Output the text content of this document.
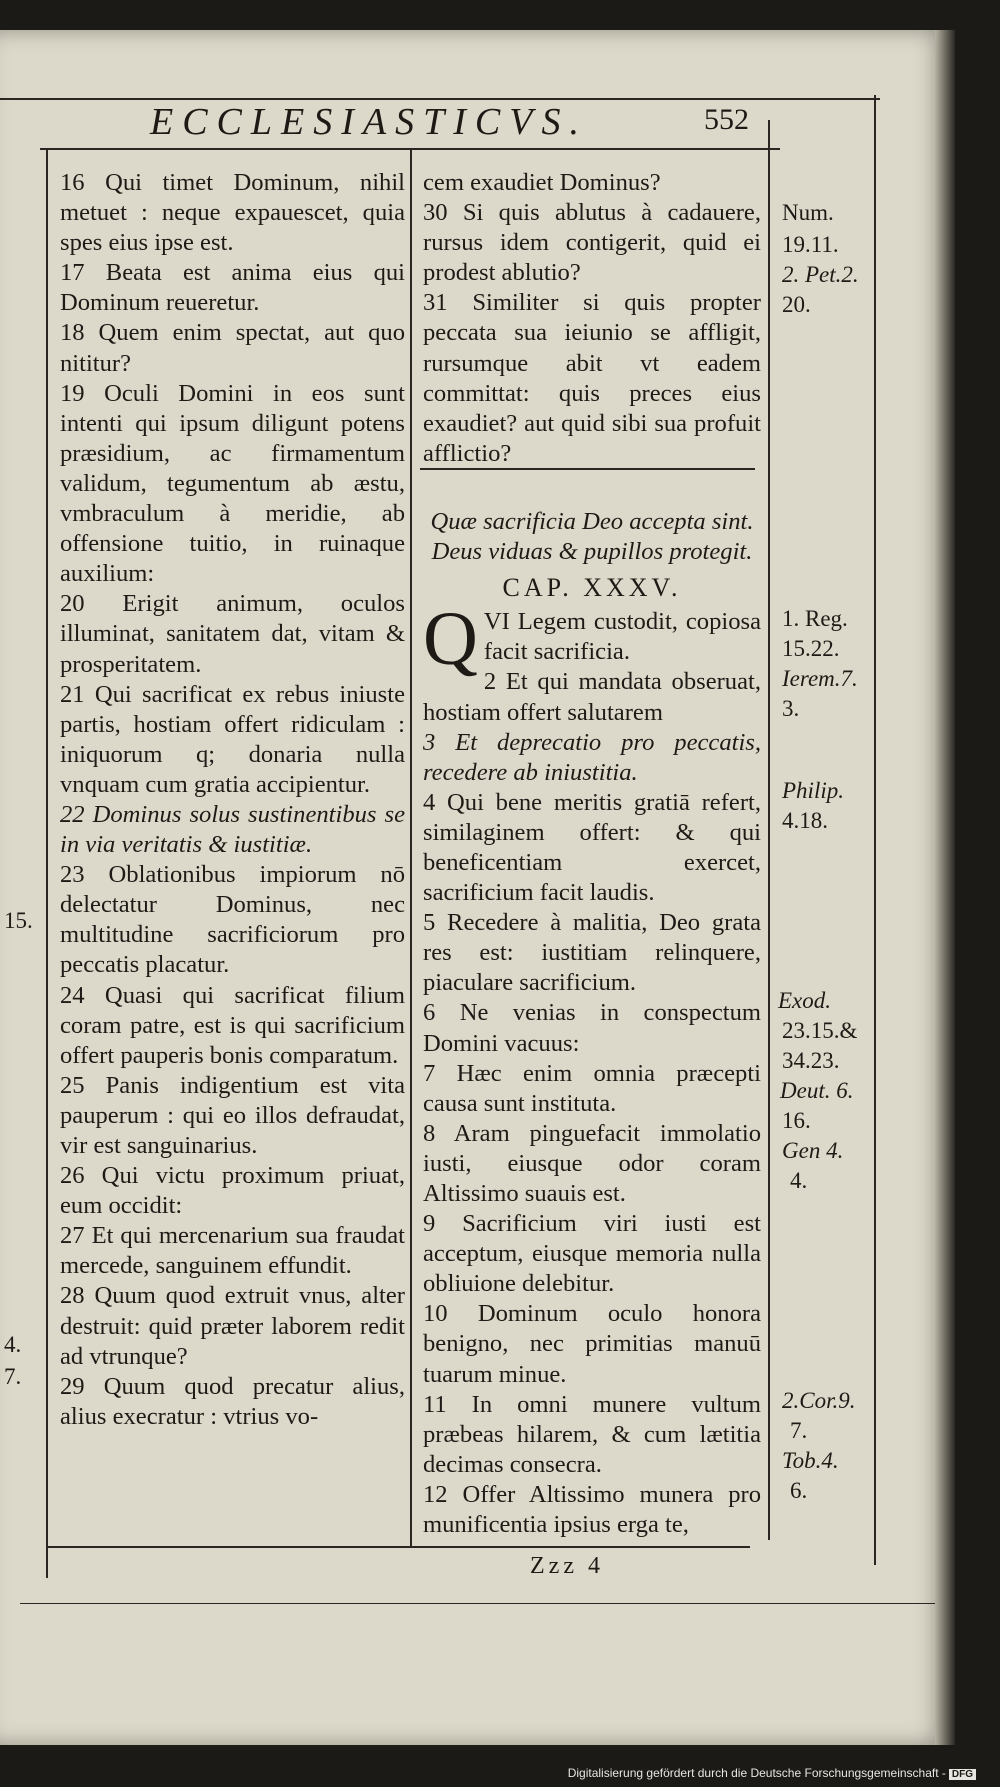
ECCLESIASTICVS.	552

16 Qui timet Dominum, nihil metuet : neque expauescet, quia spes eius ipse est.

17 Beata est anima eius qui Dominum reueretur.

18 Quem enim spectat, aut quo nititur?

19 Oculi Domini in eos sunt intenti qui ipsum diligunt potens præsidium, ac firmamentum validum, tegumentum ab æstu, vmbraculum à meridie, ab offensione tuitio, in ruinaque auxilium:

20 Erigit animum, oculos illuminat, sanitatem dat, vitam & prosperitatem.

21 Qui sacrificat ex rebus iniuste partis, hostiam offert ridiculam : iniquorum q; donaria nulla vnquam cum gratia accipientur.

22 Dominus solus sustinentibus se in via veritatis & iustitiæ.

23 Oblationibus impiorum nō delectatur Dominus, nec multitudine sacrificiorum pro peccatis placatur.

24 Quasi qui sacrificat filium coram patre, est is qui sacrificium offert pauperis bonis comparatum.

25 Panis indigentium est vita pauperum : qui eo illos defraudat, vir est sanguinarius.

26 Qui victu proximum priuat, eum occidit:

27 Et qui mercenarium sua fraudat mercede, sanguinem effundit.

28 Quum quod extruit vnus, alter destruit: quid præter laborem redit ad vtrunque?

29 Quum quod precatur alius, alius execratur : vtrius vo-

cem exaudiet Dominus?

30 Si quis ablutus à cadauere, rursus idem contigerit, quid ei prodest ablutio?

31 Similiter si quis propter peccata sua ieiunio se affligit, rursumque abit vt eadem committat: quis preces eius exaudiet? aut quid sibi sua profuit afflictio?

Quæ sacrificia Deo accepta sint. Deus viduas & pupillos protegit.

CAP. XXXV.

QVI Legem custodit, copiosa facit sacrificia.

2 Et qui mandata obseruat, hostiam offert salutarem

3 Et deprecatio pro peccatis, recedere ab iniustitia.

4 Qui bene meritis gratiā refert, similaginem offert: & qui beneficentiam exercet, sacrificium facit laudis.

5 Recedere à malitia, Deo grata res est: iustitiam relinquere, piaculare sacrificium.

6 Ne venias in conspectum Domini vacuus:

7 Hæc enim omnia præcepti causa sunt instituta.

8 Aram pinguefacit immolatio iusti, eiusque odor coram Altissimo suauis est.

9 Sacrificium viri iusti est acceptum, eiusque memoria nulla obliuione delebitur.

10 Dominum oculo honora benigno, nec primitias manuū tuarum minue.

11 In omni munere vultum præbeas hilarem, & cum lætitia decimas consecra.

12 Offer Altissimo munera pro munificentia ipsius erga te,

Num.
19.11.
2. Pet.2.
20.
1. Reg.
15.22.
Ierem.7.
3.
Philip.
4.18.
Exod.
23.15.&
34.23.
Deut. 6.
16.
Gen 4.
4.
2.Cor.9.
7.
Tob.4.
6.
15.
4.
7.
Zzz 4
Digitalisierung gefördert durch die Deutsche Forschungsgemeinschaft - DFG
